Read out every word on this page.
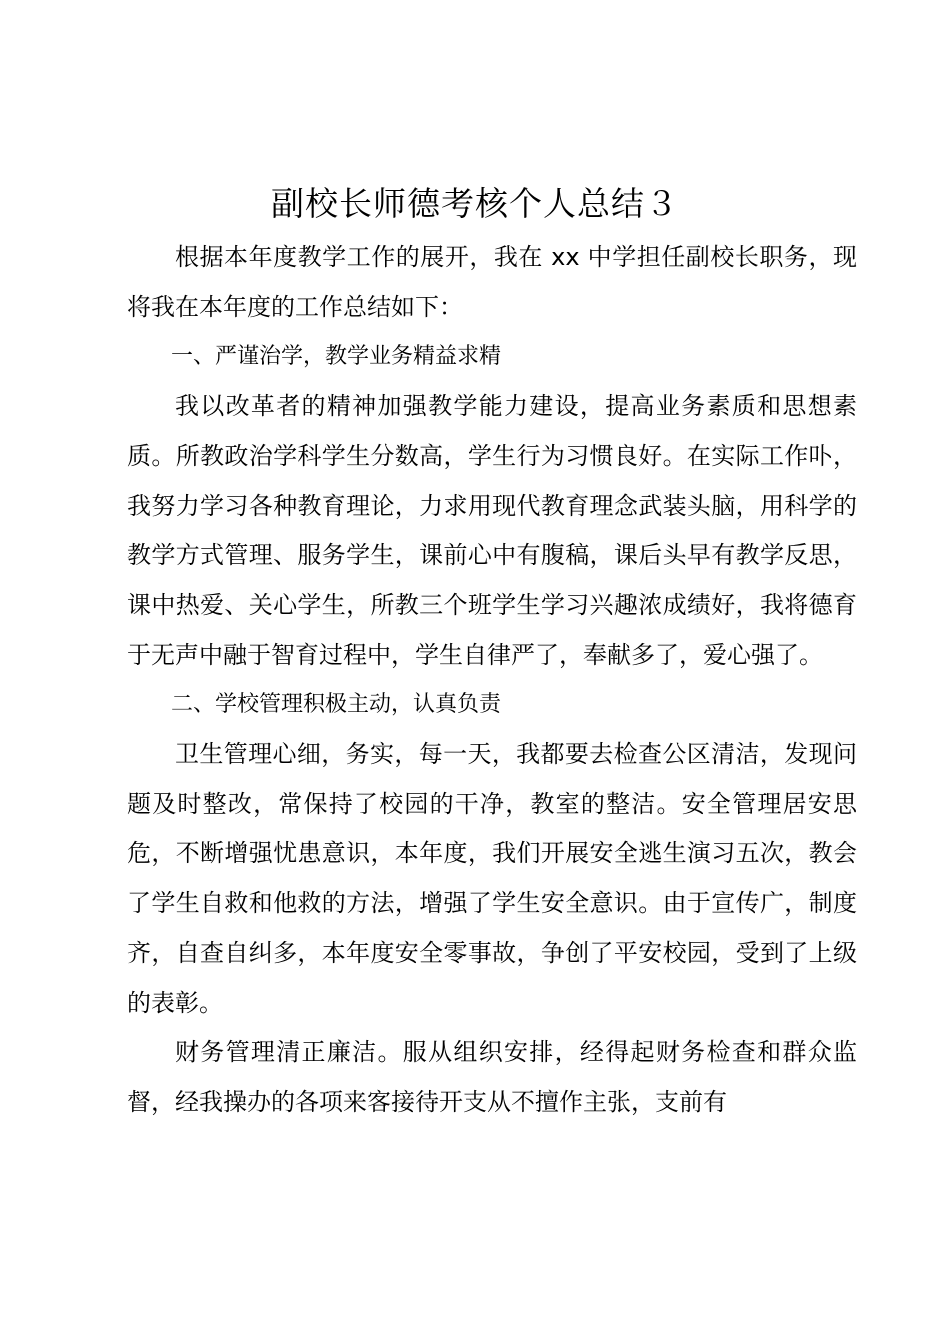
副校长师德考核个人总结３

根据本年度教学工作的展开，我在 xx 中学担任副校长职务，现将我在本年度的工作总结如下：

一、严谨治学，教学业务精益求精

我以改革者的精神加强教学能力建设，提高业务素质和思想素质。所教政治学科学生分数高，学生行为习惯良好。在实际工作卟，我努力学习各种教育理论，力求用现代教育理念武装头脑，用科学的教学方式管理、服务学生，课前心中有腹稿，课后头早有教学反思，课中热爱、关心学生，所教三个班学生学习兴趣浓成绩好，我将德育于无声中融于智育过程中，学生自律严了，奉献多了，爱心强了。

二、学校管理积极主动，认真负责

卫生管理心细，务实，每一天，我都要去检查公区清洁，发现问题及时整改，常保持了校园的干净，教室的整洁。安全管理居安思危，不断增强忧患意识，本年度，我们开展安全逃生演习五次，教会了学生自救和他救的方法，增强了学生安全意识。由于宣传广，制度齐，自查自纠多，本年度安全零事故，争创了平安校园，受到了上级的表彰。

财务管理清正廉洁。服从组织安排，经得起财务检查和群众监督，经我操办的各项来客接待开支从不擅作主张，支前有
